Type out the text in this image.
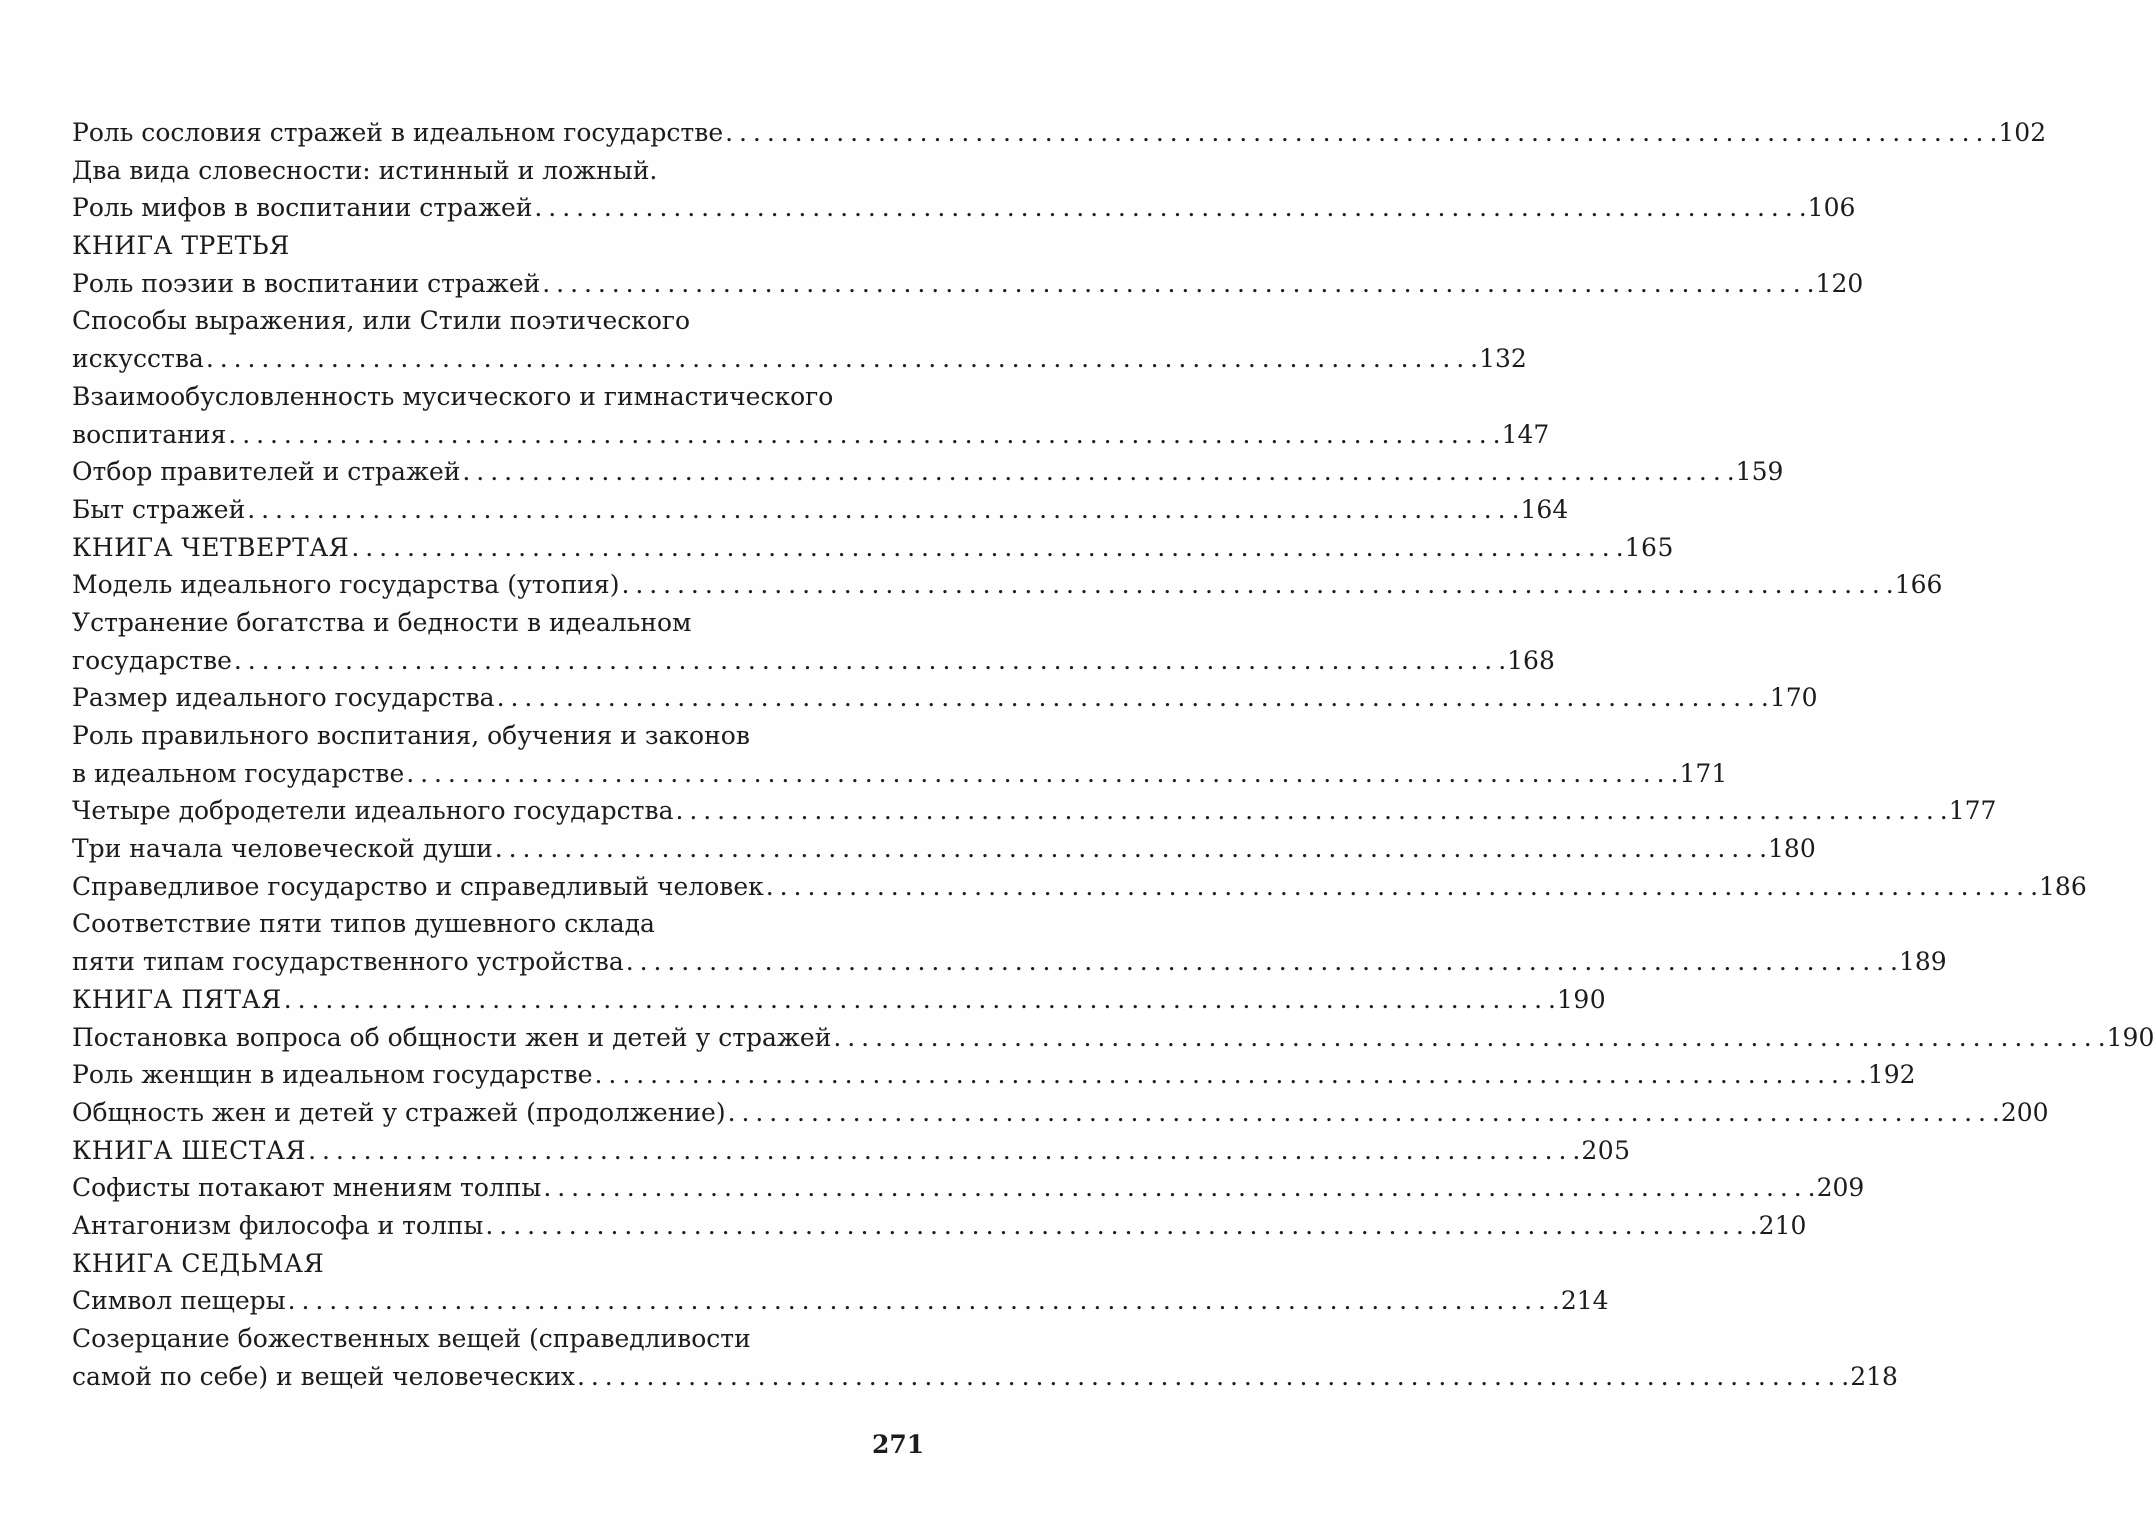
Роль сословия стражей в идеальном государстве . . .	102
Два вида словесности: истинный и ложный.
Роль мифов в воспитании стражей . . .	106
КНИГА ТРЕТЬЯ
Роль поэзии в воспитании стражей . . .	120
Способы выражения, или Стили поэтического
искусства . . .	132
Взаимообусловленность мусического и гимнастического
воспитания . . .	147
Отбор правителей и стражей . . .	159
Быт стражей . . .	164
КНИГА ЧЕТВЕРТАЯ . . .	165
Модель идеального государства (утопия) . . .	166
Устранение богатства и бедности в идеальном
государстве . . .	168
Размер идеального государства . . .	170
Роль правильного воспитания, обучения и законов
в идеальном государстве . . .	171
Четыре добродетели идеального государства . . .	177
Три начала человеческой души . . .	180
Справедливое государство и справедливый человек . . .	186
Соответствие пяти типов душевного склада
пяти типам государственного устройства . . .	189
КНИГА ПЯТАЯ . . .	190
Постановка вопроса об общности жен и детей у стражей . . .	190
Роль женщин в идеальном государстве . . .	192
Общность жен и детей у стражей (продолжение) . . .	200
КНИГА ШЕСТАЯ . . .	205
Софисты потакают мнениям толпы . . .	209
Антагонизм философа и толпы . . .	210
КНИГА СЕДЬМАЯ
Символ пещеры . . .	214
Созерцание божественных вещей (справедливости
самой по себе) и вещей человеческих . . .	218
271
